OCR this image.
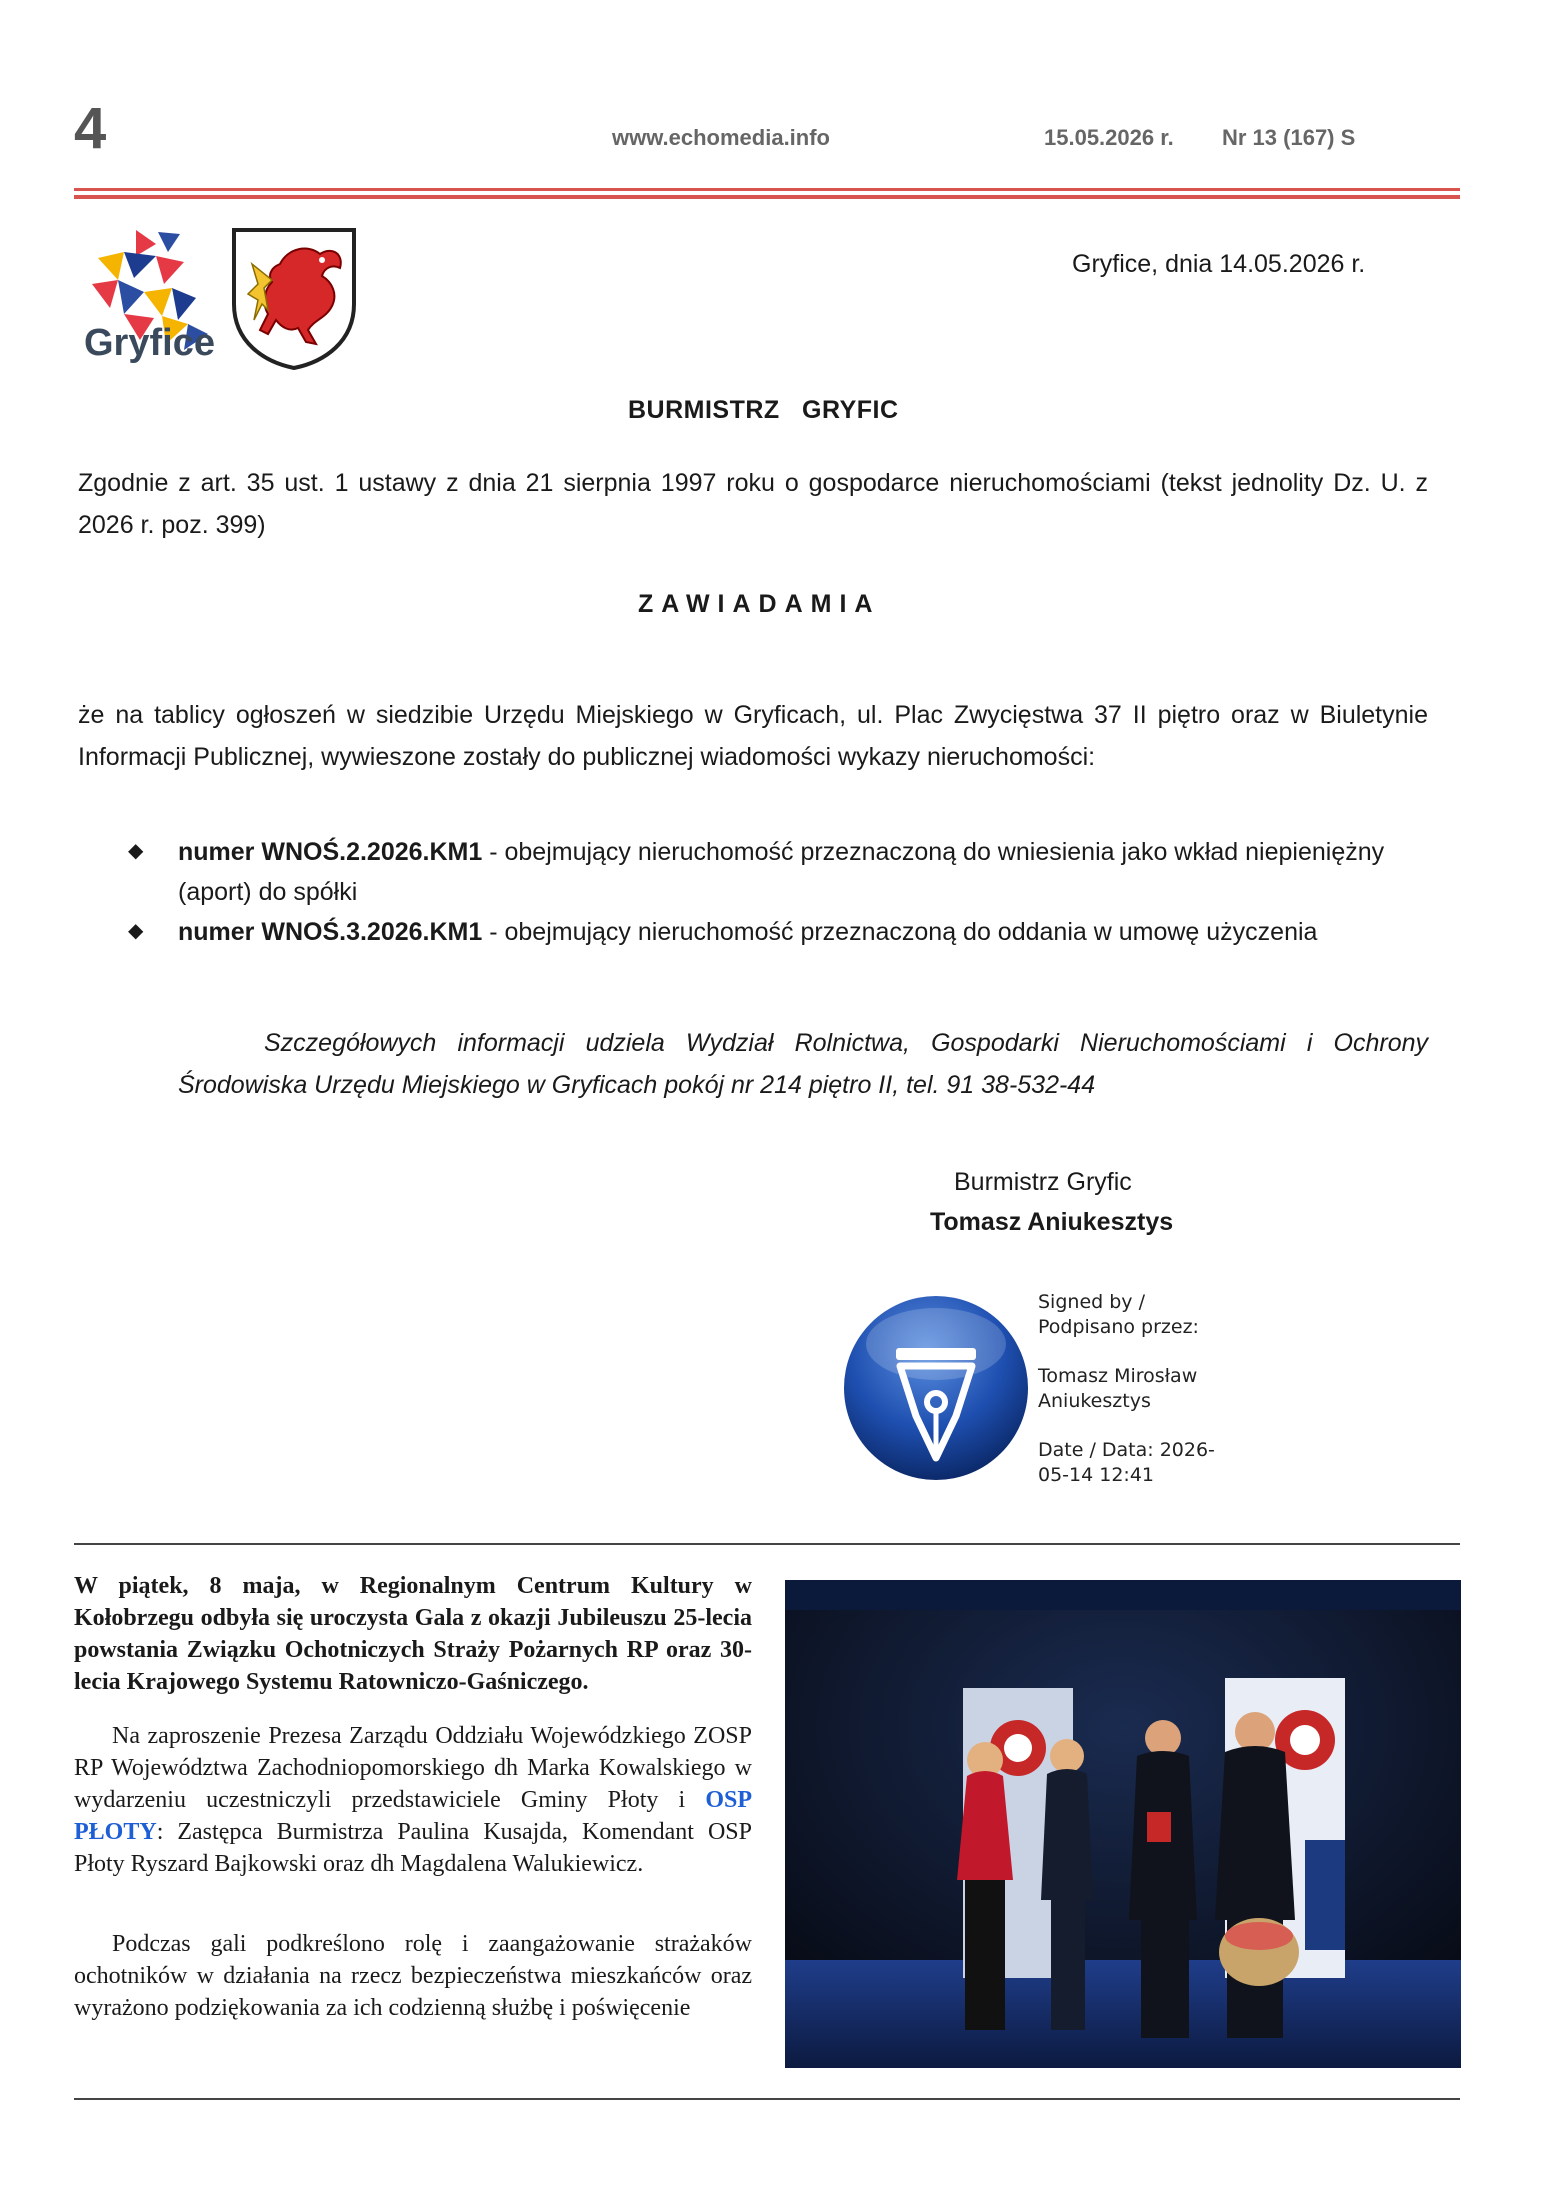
4	www.echomedia.info	15.05.2026 r. Nr 13 (167) S
Gryfice
Gryfice, dnia 14.05.2026 r.
BURMISTRZ   GRYFIC
Zgodnie z art. 35 ust. 1 ustawy z dnia 21 sierpnia 1997 roku o gospodarce nieruchomościami (tekst jednolity Dz. U. z 2026 r. poz. 399)
ZAWIADAMIA
że na tablicy ogłoszeń w siedzibie Urzędu Miejskiego w Gryficach, ul. Plac Zwycięstwa 37 II piętro oraz w Biuletynie Informacji Publicznej, wywieszone zostały do publicznej wiadomości wykazy nieruchomości:
◆ numer WNOŚ.2.2026.KM1 - obejmujący nieruchomość przeznaczoną do wniesienia jako wkład niepieniężny (aport) do spółki
◆ numer WNOŚ.3.2026.KM1 - obejmujący nieruchomość przeznaczoną do oddania w umowę użyczenia
Szczegółowych informacji udziela Wydział Rolnictwa, Gospodarki Nieruchomościami i Ochrony Środowiska Urzędu Miejskiego w Gryficach pokój nr 214 piętro II, tel. 91 38-532-44
Burmistrz Gryfic
Tomasz Aniukesztys
Signed by /
Podpisano przez:
Tomasz Mirosław
Aniukesztys
Date / Data: 2026-
05-14 12:41
W piątek, 8 maja, w Regionalnym Centrum Kultury w Kołobrzegu odbyła się uroczysta Gala z okazji Jubileuszu 25-lecia powstania Związku Ochotniczych Straży Pożarnych RP oraz 30-lecia Krajowego Systemu Ratowniczo-Gaśniczego.
Na zaproszenie Prezesa Zarządu Oddziału Wojewódzkiego ZOSP RP Województwa Zachodniopomorskiego dh Marka Kowalskiego w wydarzeniu uczestniczyli przedstawiciele Gminy Płoty i OSP PŁOTY: Zastępca Burmistrza Paulina Kusajda, Komendant OSP Płoty Ryszard Bajkowski oraz dh Magdalena Walukiewicz.
Podczas gali podkreślono rolę i zaangażowanie strażaków ochotników w działania na rzecz bezpieczeństwa mieszkańców oraz wyrażono podziękowania za ich codzienną służbę i poświęcenie
